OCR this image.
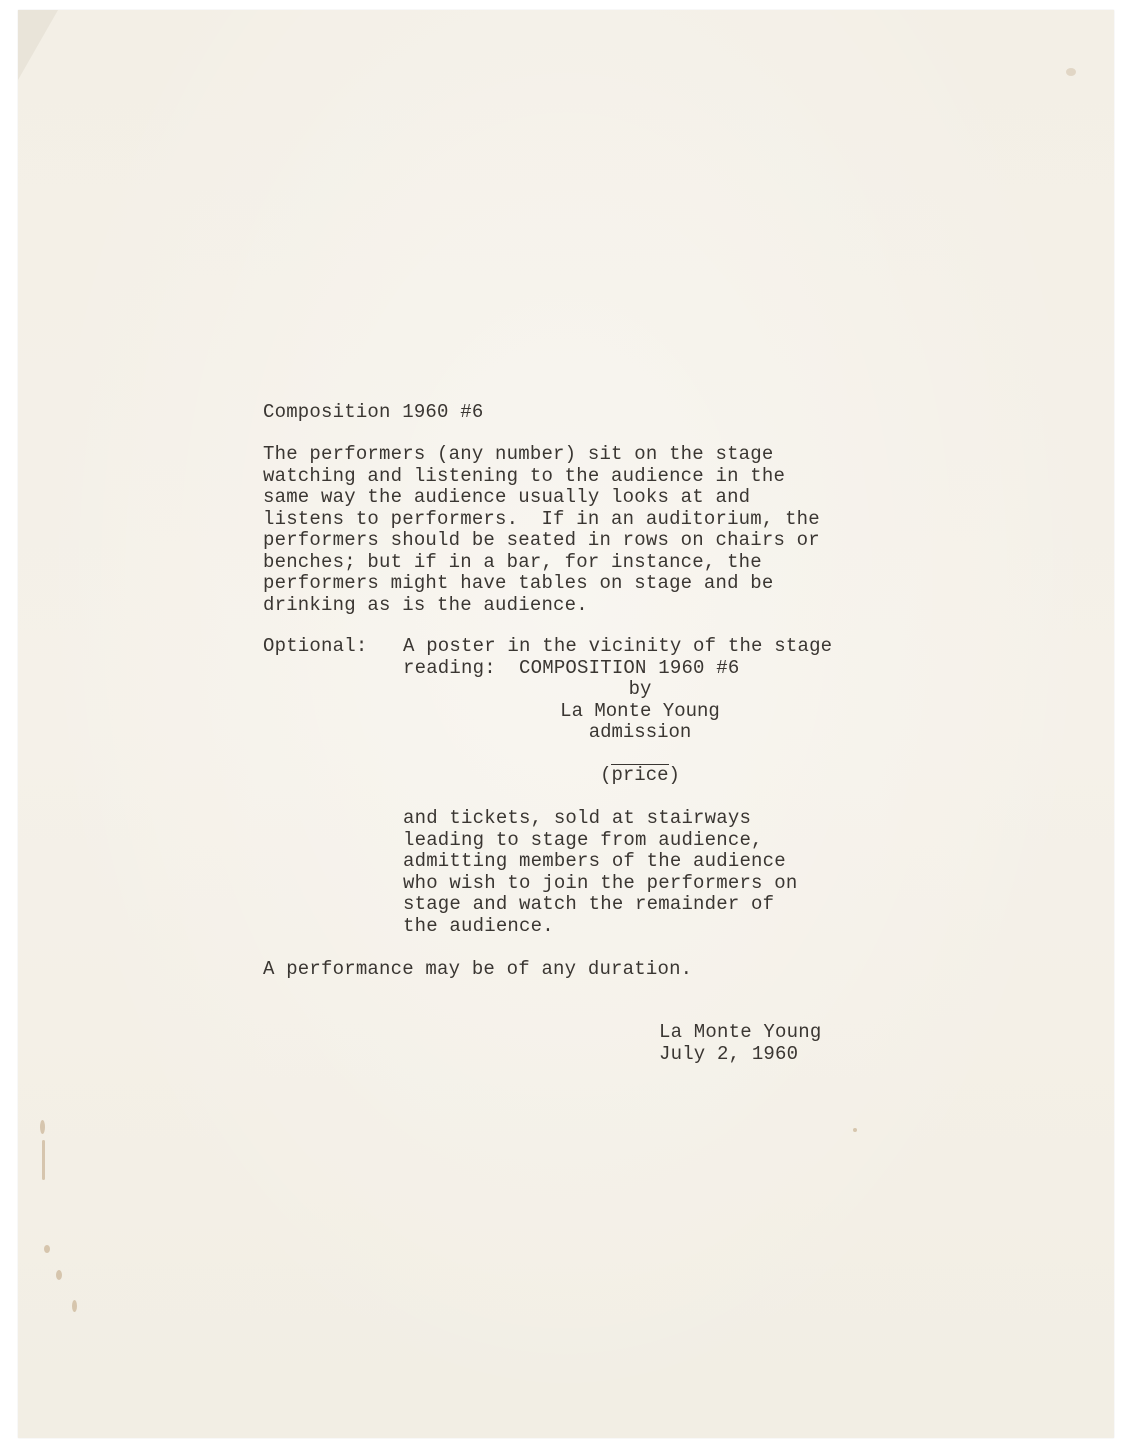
Composition 1960 #6
The performers (any number) sit on the stage
watching and listening to the audience in the
same way the audience usually looks at and
listens to performers.  If in an auditorium, the
performers should be seated in rows on chairs or
benches; but if in a bar, for instance, the
performers might have tables on stage and be
drinking as is the audience.
Optional: A poster in the vicinity of the stage
reading:  COMPOSITION 1960 #6
by
La Monte Young
admission
(price)
and tickets, sold at stairways
leading to stage from audience,
admitting members of the audience
who wish to join the performers on
stage and watch the remainder of
the audience.
A performance may be of any duration.
La Monte Young
July 2, 1960
